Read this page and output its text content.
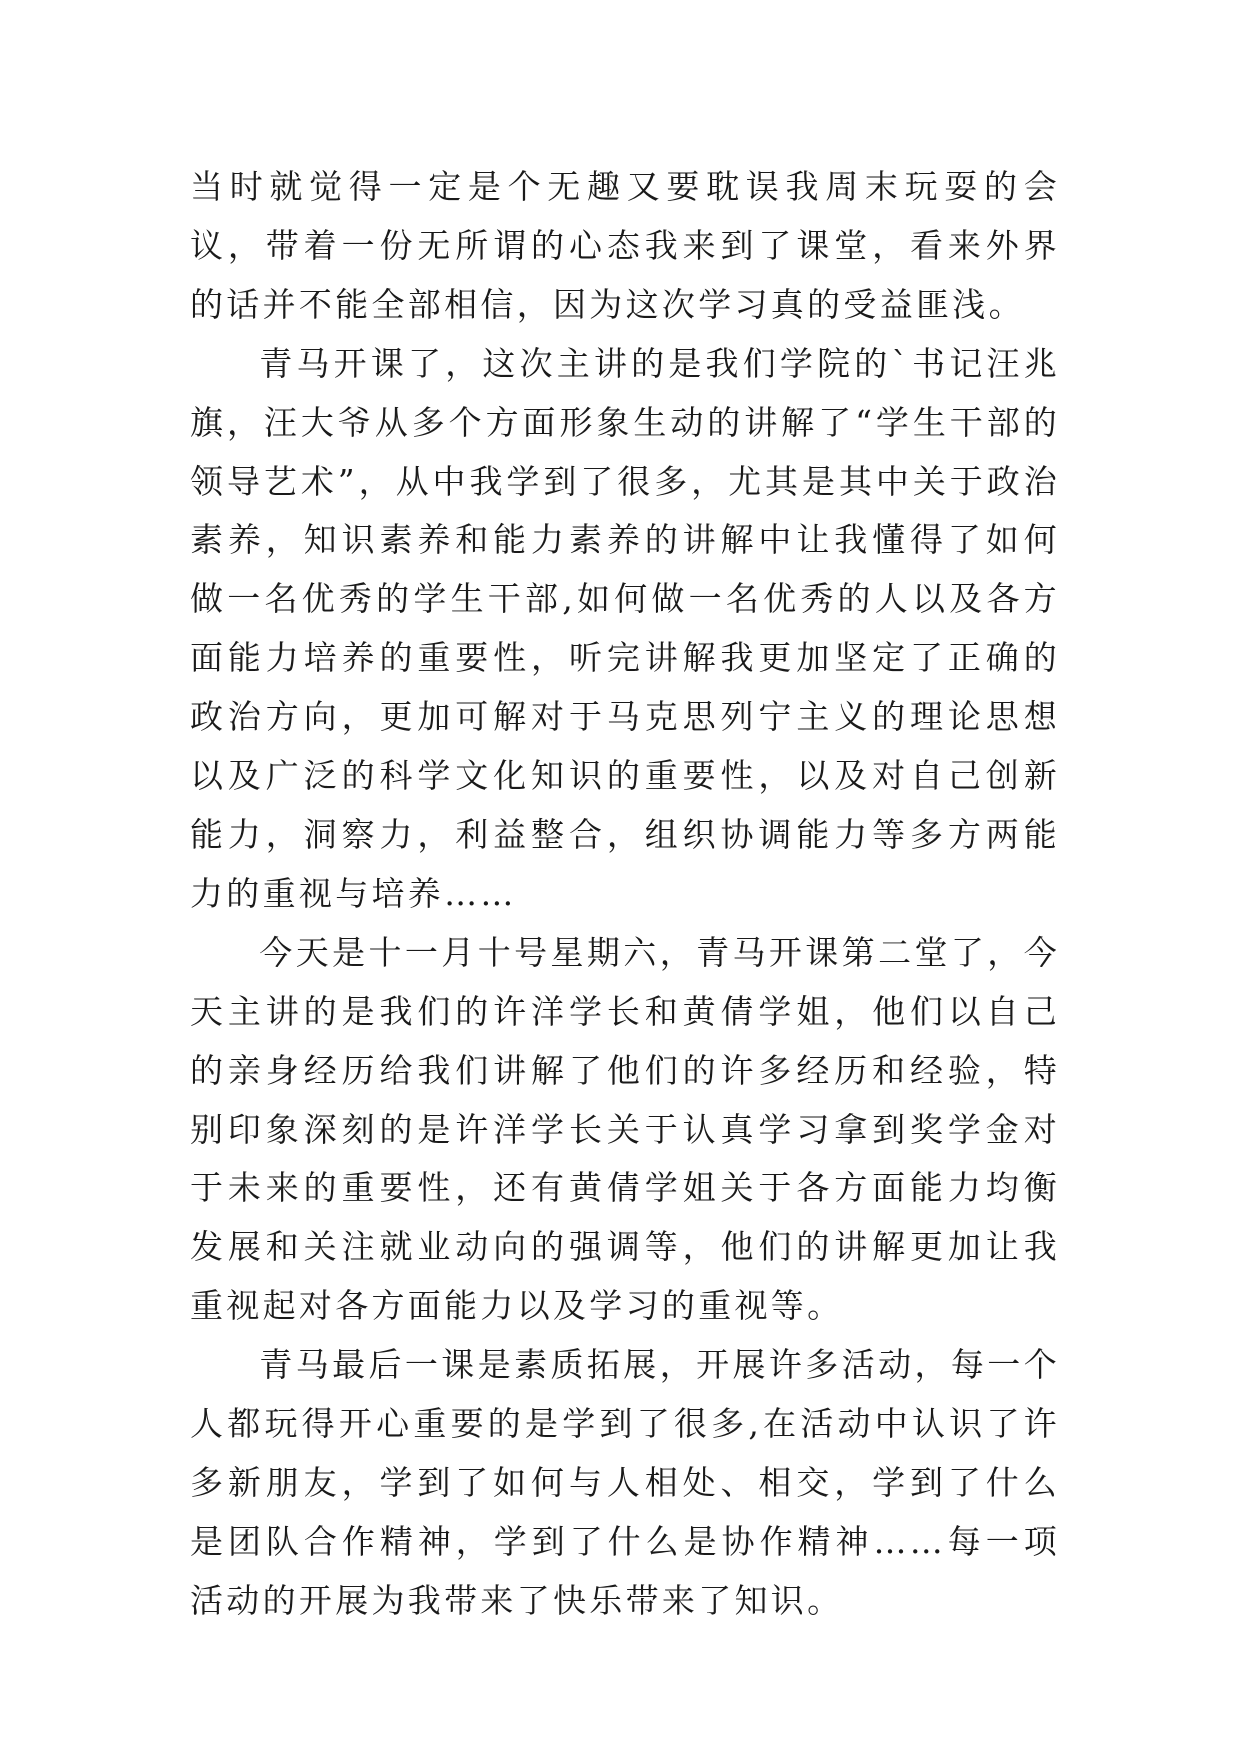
当时就觉得一定是个无趣又要耽误我周末玩耍的会议，带着一份无所谓的心态我来到了课堂，看来外界的话并不能全部相信，因为这次学习真的受益匪浅。

青马开课了，这次主讲的是我们学院的`书记汪兆旗，汪大爷从多个方面形象生动的讲解了“学生干部的领导艺术”，从中我学到了很多，尤其是其中关于政治素养，知识素养和能力素养的讲解中让我懂得了如何做一名优秀的学生干部,如何做一名优秀的人以及各方面能力培养的重要性，听完讲解我更加坚定了正确的政治方向，更加可解对于马克思列宁主义的理论思想以及广泛的科学文化知识的重要性，以及对自己创新能力，洞察力，利益整合，组织协调能力等多方两能力的重视与培养……

今天是十一月十号星期六，青马开课第二堂了，今天主讲的是我们的许洋学长和黄倩学姐，他们以自己的亲身经历给我们讲解了他们的许多经历和经验，特别印象深刻的是许洋学长关于认真学习拿到奖学金对于未来的重要性，还有黄倩学姐关于各方面能力均衡发展和关注就业动向的强调等，他们的讲解更加让我重视起对各方面能力以及学习的重视等。

青马最后一课是素质拓展，开展许多活动，每一个人都玩得开心重要的是学到了很多,在活动中认识了许多新朋友，学到了如何与人相处、相交，学到了什么是团队合作精神，学到了什么是协作精神……每一项活动的开展为我带来了快乐带来了知识。
